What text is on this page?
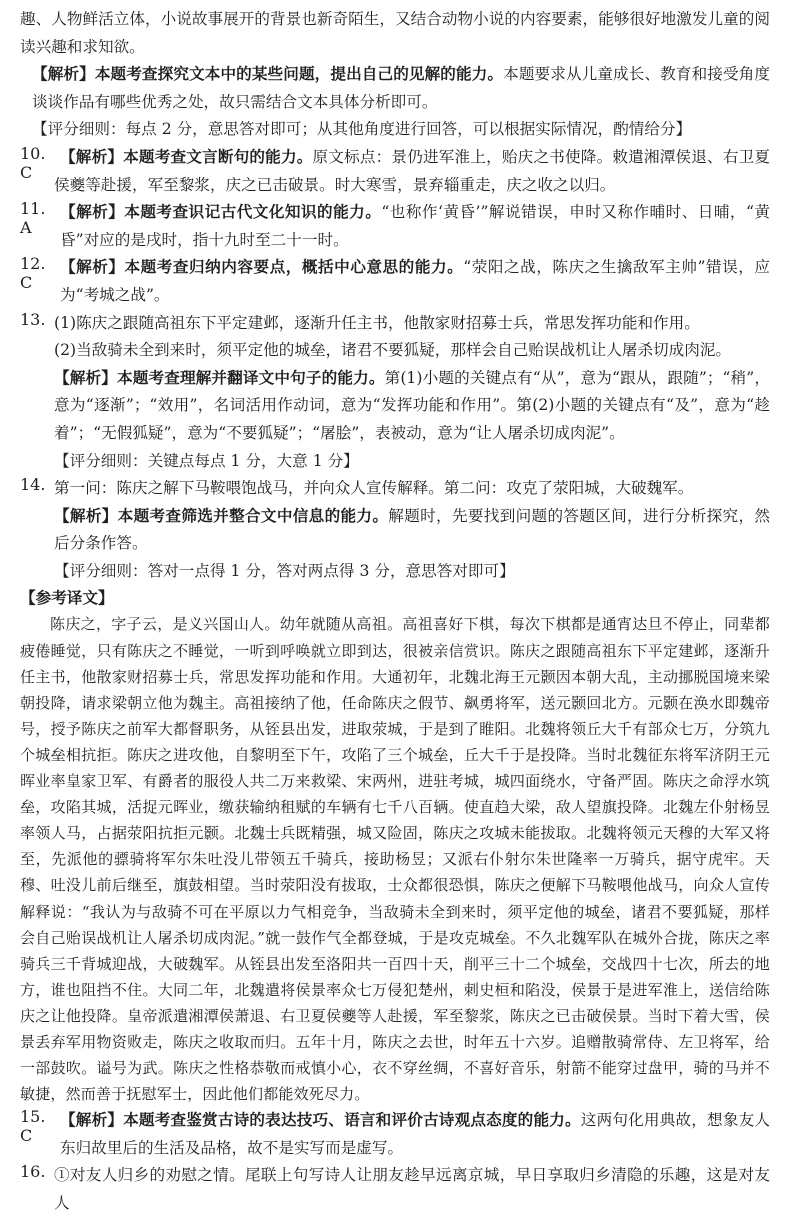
趣、人物鲜活立体，小说故事展开的背景也新奇陌生，又结合动物小说的内容要素，能够很好地激发儿童的阅读兴趣和求知欲。

【解析】本题考查探究文本中的某些问题，提出自己的见解的能力。本题要求从儿童成长、教育和接受角度谈谈作品有哪些优秀之处，故只需结合文本具体分析即可。

【评分细则：每点 2 分，意思答对即可；从其他角度进行回答，可以根据实际情况，酌情给分】

10. C

【解析】本题考查文言断句的能力。原文标点：景仍进军淮上，贻庆之书使降。敕遣湘潭侯退、右卫夏侯夔等赴援，军至黎浆，庆之已击破景。时大寒雪，景弃辎重走，庆之收之以归。

11. A

【解析】本题考查识记古代文化知识的能力。“也称作‘黄昏’”解说错误，申时又称作晡时、日晡，“黄昏”对应的是戌时，指十九时至二十一时。

12. C

【解析】本题考查归纳内容要点，概括中心意思的能力。“荥阳之战，陈庆之生擒敌军主帅”错误，应为“考城之战”。

13. (1)陈庆之跟随高祖东下平定建邺，逐渐升任主书，他散家财招募士兵，常思发挥功能和作用。

(2)当敌骑未全到来时，须平定他的城垒，诸君不要狐疑，那样会自己贻误战机让人屠杀切成肉泥。

【解析】本题考查理解并翻译文中句子的能力。第(1)小题的关键点有“从”，意为“跟从，跟随”；“稍”，意为“逐渐”；“效用”，名词活用作动词，意为“发挥功能和作用”。第(2)小题的关键点有“及”，意为“趁着”；“无假狐疑”，意为“不要狐疑”；“屠脍”，表被动，意为“让人屠杀切成肉泥”。

【评分细则：关键点每点 1 分，大意 1 分】

14. 第一问：陈庆之解下马鞍喂饱战马，并向众人宣传解释。第二问：攻克了荥阳城，大破魏军。

【解析】本题考查筛选并整合文中信息的能力。解题时，先要找到问题的答题区间，进行分析探究，然后分条作答。

【评分细则：答对一点得 1 分，答对两点得 3 分，意思答对即可】

【参考译文】

陈庆之，字子云，是义兴国山人。幼年就随从高祖。高祖喜好下棋，每次下棋都是通宵达旦不停止，同辈都疲倦睡觉，只有陈庆之不睡觉，一听到呼唤就立即到达，很被亲信赏识。陈庆之跟随高祖东下平定建邺，逐渐升任主书，他散家财招募士兵，常思发挥功能和作用。大通初年，北魏北海王元颢因本朝大乱，主动挪脱国境来梁朝投降，请求梁朝立他为魏主。高祖接纳了他，任命陈庆之假节、飙勇将军，送元颢回北方。元颢在涣水即魏帝号，授予陈庆之前军大都督职务，从铚县出发，进取荥城，于是到了睢阳。北魏将领丘大千有部众七万，分筑九个城垒相抗拒。陈庆之进攻他，自黎明至下午，攻陷了三个城垒，丘大千于是投降。当时北魏征东将军济阴王元晖业率皇家卫军、有爵者的服役人共二万来救梁、宋两州，进驻考城，城四面绕水，守备严固。陈庆之命浮水筑垒，攻陷其城，活捉元晖业，缴获输纳租赋的车辆有七千八百辆。使直趋大梁，敌人望旗投降。北魏左仆射杨昱率领人马，占据荥阳抗拒元颢。北魏士兵既精强，城又险固，陈庆之攻城未能拔取。北魏将领元天穆的大军又将至，先派他的骠骑将军尔朱吐没儿带领五千骑兵，接助杨昱；又派右仆射尔朱世隆率一万骑兵，据守虎牢。天穆、吐没儿前后继至，旗鼓相望。当时荥阳没有拔取，士众都很恐惧，陈庆之便解下马鞍喂他战马，向众人宣传解释说：“我认为与敌骑不可在平原以力气相竞争，当敌骑未全到来时，须平定他的城垒，诸君不要狐疑，那样会自己贻误战机让人屠杀切成肉泥。”就一鼓作气全都登城，于是攻克城垒。不久北魏军队在城外合拢，陈庆之率骑兵三千背城迎战，大破魏军。从铚县出发至洛阳共一百四十天，削平三十二个城垒，交战四十七次，所去的地方，谁也阻挡不住。大同二年，北魏遣将侯景率众七万侵犯楚州，刺史桓和陷没，侯景于是进军淮上，送信给陈庆之让他投降。皇帝派遣湘潭侯萧退、右卫夏侯夔等人赴援，军至黎浆，陈庆之已击破侯景。当时下着大雪，侯景丢弃军用物资败走，陈庆之收取而归。五年十月，陈庆之去世，时年五十六岁。追赠散骑常侍、左卫将军，给一部鼓吹。谥号为武。陈庆之性格恭敬而戒慎小心，衣不穿丝绸，不喜好音乐，射箭不能穿过盘甲，骑的马并不敏捷，然而善于抚慰军士，因此他们都能效死尽力。

15. C

【解析】本题考查鉴赏古诗的表达技巧、语言和评价古诗观点态度的能力。这两句化用典故，想象友人东归故里后的生活及品格，故不是实写而是虚写。

16. ①对友人归乡的劝慰之情。尾联上句写诗人让朋友趁早远离京城，早日享取归乡清隐的乐趣，这是对友人
